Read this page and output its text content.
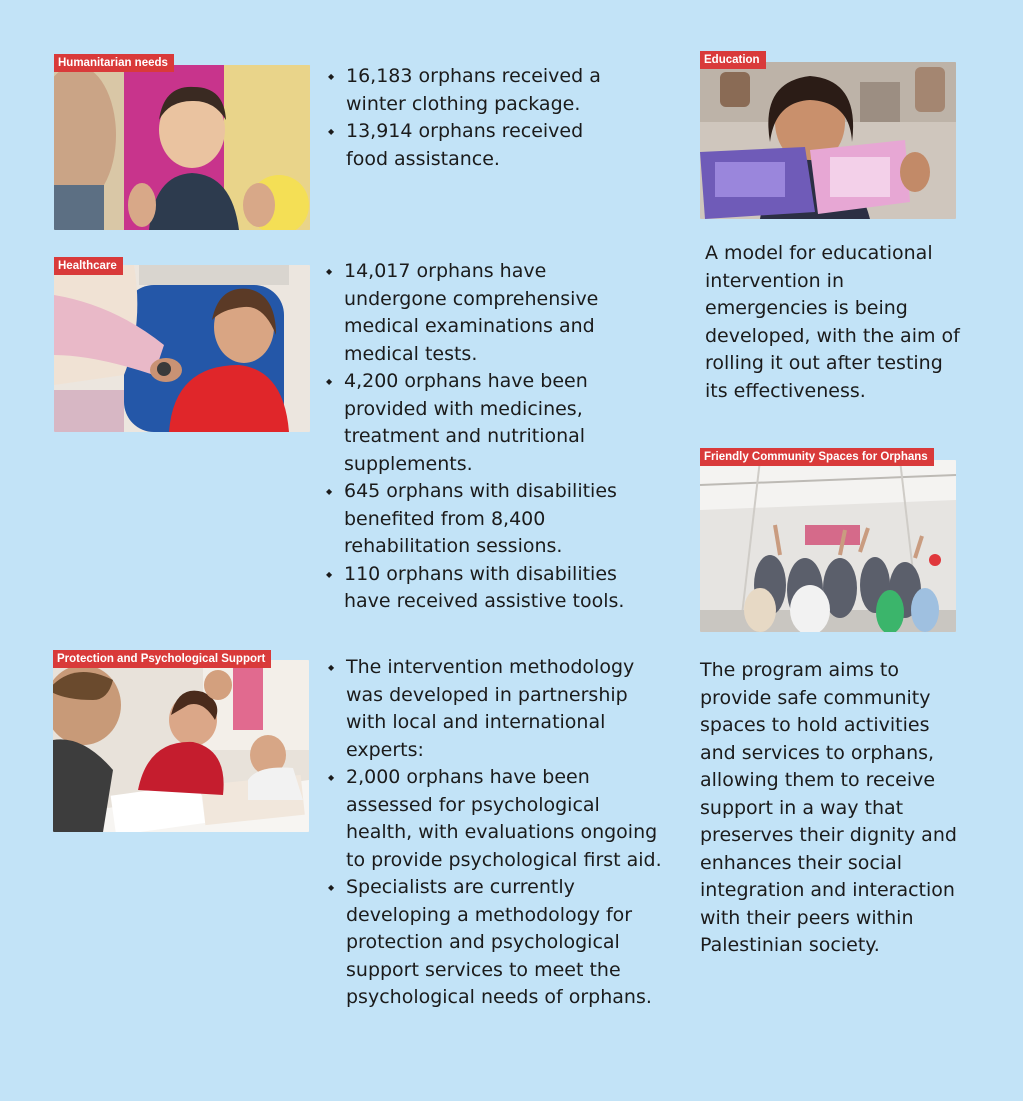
Humanitarian needs
◆ 16,183 orphans received a winter clothing package.
◆ 13,914 orphans received food assistance.
Healthcare	◆ 14,017 orphans have undergone comprehensive medical examinations and medical tests.
◆ 4,200 orphans have been provided with medicines, treatment and nutritional supplements.
◆ 645 orphans with disabilities benefited from 8,400 rehabilitation sessions.
◆ 110 orphans with disabilities have received assistive tools.
Protection and Psychological Support	◆ The intervention methodology was developed in partnership with local and international experts:
◆ 2,000 orphans have been assessed for psychological health, with evaluations ongoing to provide psychological first aid.
◆ Specialists are currently developing a methodology for protection and psychological support services to meet the psychological needs of orphans.
Education

A model for educational intervention in emergencies is being developed, with the aim of rolling it out after testing its effectiveness.

Friendly Community Spaces for Orphans

The program aims to provide safe community spaces to hold activities and services to orphans, allowing them to receive support in a way that preserves their dignity and enhances their social integration and interaction with their peers within Palestinian society.
